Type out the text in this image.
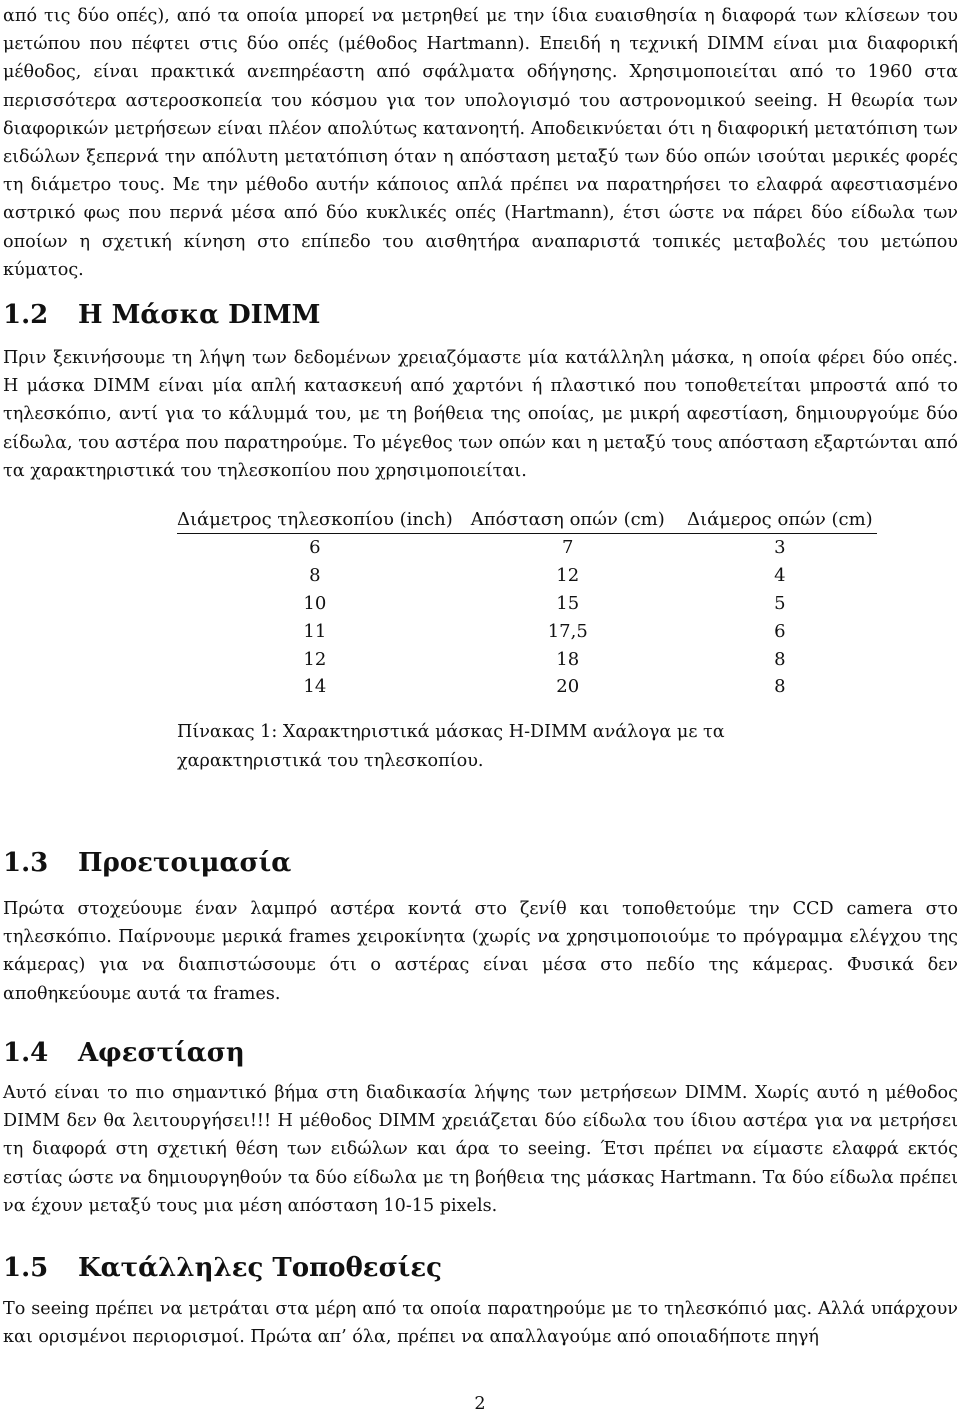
από τις δύο οπές), από τα οποία μπορεί να μετρηθεί με την ίδια ευαισθησία η διαφορά των κλίσεων του μετώπου που πέφτει στις δύο οπές (μέθοδος Hartmann). Επειδή η τεχνική DIMM είναι μια διαφορική μέθοδος, είναι πρακτικά ανεπηρέαστη από σφάλματα οδήγησης. Χρησιμοποιείται από το 1960 στα περισσότερα αστεροσκοπεία του κόσμου για τον υπολογισμό του αστρονομικού seeing. Η θεωρία των διαφορικών μετρήσεων είναι πλέον απολύτως κατανοητή. Αποδεικνύεται ότι η διαφορική μετατόπιση των ειδώλων ξεπερνά την απόλυτη μετατόπιση όταν η απόσταση μεταξύ των δύο οπών ισούται μερικές φορές τη διάμετρο τους. Με την μέθοδο αυτήν κάποιος απλά πρέπει να παρατηρήσει το ελαφρά αφεστιασμένο αστρικό φως που περνά μέσα από δύο κυκλικές οπές (Hartmann), έτσι ώστε να πάρει δύο είδωλα των οποίων η σχετική κίνηση στο επίπεδο του αισθητήρα αναπαριστά τοπικές μεταβολές του μετώπου κύματος.

1.2 Η Μάσκα DIMM

Πριν ξεκινήσουμε τη λήψη των δεδομένων χρειαζόμαστε μία κατάλληλη μάσκα, η οποία φέρει δύο οπές. Η μάσκα DIMM είναι μία απλή κατασκευή από χαρτόνι ή πλαστικό που τοποθετείται μπροστά από το τηλεσκόπιο, αντί για το κάλυμμά του, με τη βοήθεια της οποίας, με μικρή αφεστίαση, δημιουργούμε δύο είδωλα, του αστέρα που παρατηρούμε. Το μέγεθος των οπών και η μεταξύ τους απόσταση εξαρτώνται από τα χαρακτηριστικά του τηλεσκοπίου που χρησιμοποιείται.

Διάμετρος τηλεσκοπίου (inch)	Απόσταση οπών (cm)	Διάμερος οπών (cm)
6	7	3
8	12	4
10	15	5
11	17,5	6
12	18	8
14	20	8

Πίνακας 1: Χαρακτηριστικά μάσκας H-DIMM ανάλογα με τα χαρακτηριστικά του τηλεσκοπίου.

1.3 Προετοιμασία

Πρώτα στοχεύουμε έναν λαμπρό αστέρα κοντά στο ζενίθ και τοποθετούμε την CCD camera στο τηλεσκόπιο. Παίρνουμε μερικά frames χειροκίνητα (χωρίς να χρησιμοποιούμε το πρόγραμμα ελέγχου της κάμερας) για να διαπιστώσουμε ότι ο αστέρας είναι μέσα στο πεδίο της κάμερας. Φυσικά δεν αποθηκεύουμε αυτά τα frames.

1.4 Αφεστίαση

Αυτό είναι το πιο σημαντικό βήμα στη διαδικασία λήψης των μετρήσεων DIMM. Χωρίς αυτό η μέθοδος DIMM δεν θα λειτουργήσει!!! Η μέθοδος DIMM χρειάζεται δύο είδωλα του ίδιου αστέρα για να μετρήσει τη διαφορά στη σχετική θέση των ειδώλων και άρα το seeing. Έτσι πρέπει να είμαστε ελαφρά εκτός εστίας ώστε να δημιουργηθούν τα δύο είδωλα με τη βοήθεια της μάσκας Hartmann. Τα δύο είδωλα πρέπει να έχουν μεταξύ τους μια μέση απόσταση 10-15 pixels.

1.5 Κατάλληλες Τοποθεσίες

Το seeing πρέπει να μετράται στα μέρη από τα οποία παρατηρούμε με το τηλεσκόπιό μας. Αλλά υπάρχουν και ορισμένοι περιορισμοί. Πρώτα απ’ όλα, πρέπει να απαλλαγούμε από οποιαδήποτε πηγή

2
